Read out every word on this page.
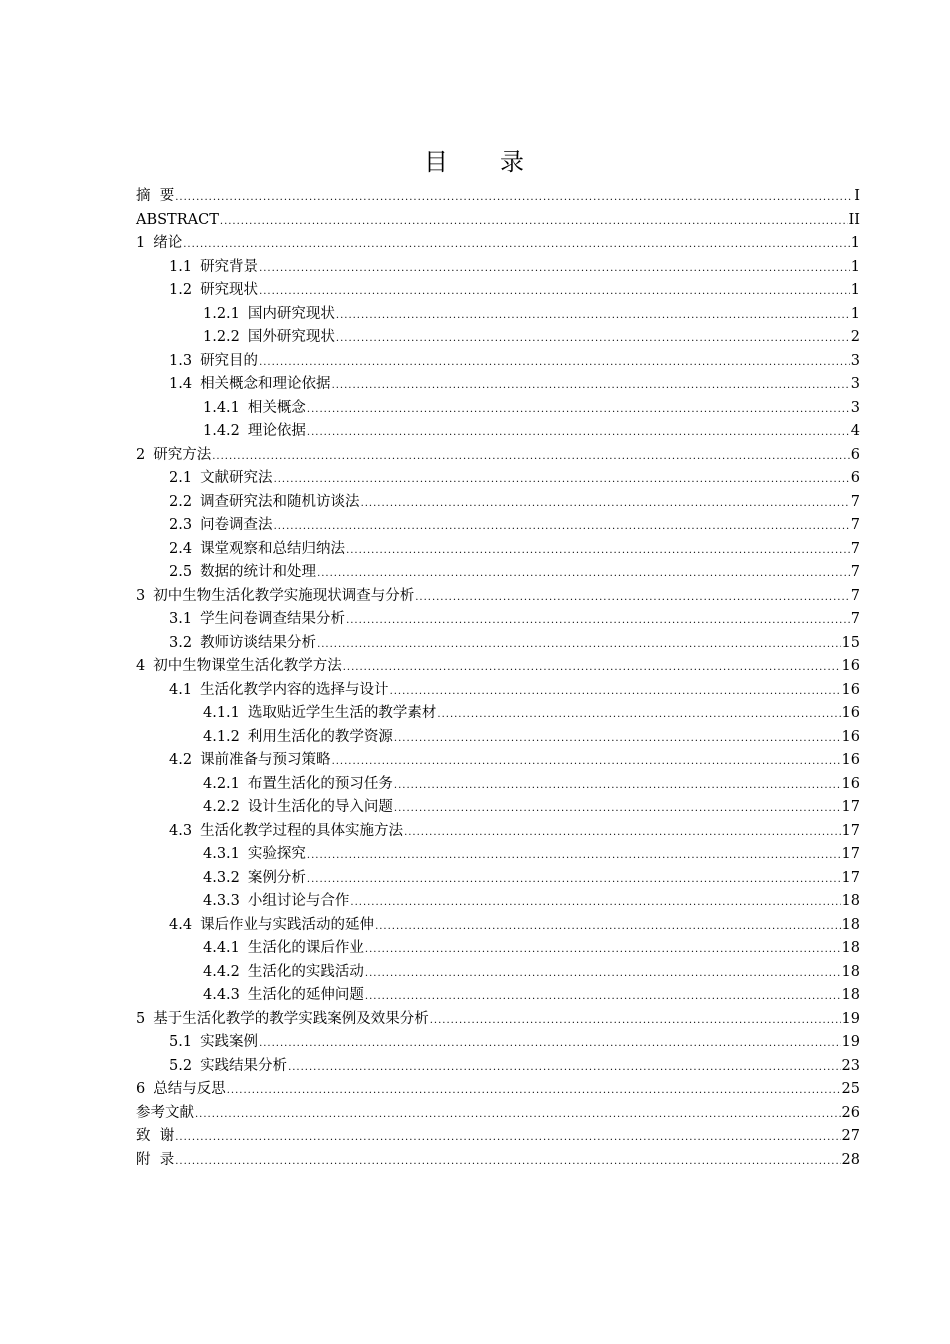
目 录
摘  要 .....	I
ABSTRACT .....	II
1 绪论 .....	1
1.1 研究背景 .....	1
1.2 研究现状 .....	1
1.2.1 国内研究现状 .....	1
1.2.2 国外研究现状 .....	2
1.3 研究目的 .....	3
1.4 相关概念和理论依据 .....	3
1.4.1 相关概念 .....	3
1.4.2 理论依据 .....	4
2 研究方法 .....	6
2.1 文献研究法 .....	6
2.2 调查研究法和随机访谈法 .....	7
2.3 问卷调查法 .....	7
2.4 课堂观察和总结归纳法 .....	7
2.5 数据的统计和处理 .....	7
3 初中生物生活化教学实施现状调查与分析 .....	7
3.1 学生问卷调查结果分析 .....	7
3.2 教师访谈结果分析 .....	15
4 初中生物课堂生活化教学方法 .....	16
4.1 生活化教学内容的选择与设计 .....	16
4.1.1 选取贴近学生生活的教学素材 .....	16
4.1.2 利用生活化的教学资源 .....	16
4.2 课前准备与预习策略 .....	16
4.2.1 布置生活化的预习任务 .....	16
4.2.2 设计生活化的导入问题 .....	17
4.3 生活化教学过程的具体实施方法 .....	17
4.3.1 实验探究 .....	17
4.3.2 案例分析 .....	17
4.3.3 小组讨论与合作 .....	18
4.4 课后作业与实践活动的延伸 .....	18
4.4.1 生活化的课后作业 .....	18
4.4.2 生活化的实践活动 .....	18
4.4.3 生活化的延伸问题 .....	18
5 基于生活化教学的教学实践案例及效果分析 .....	19
5.1 实践案例 .....	19
5.2 实践结果分析 .....	23
6 总结与反思 .....	25
参考文献 .....	26
致  谢 .....	27
附  录 .....	28
